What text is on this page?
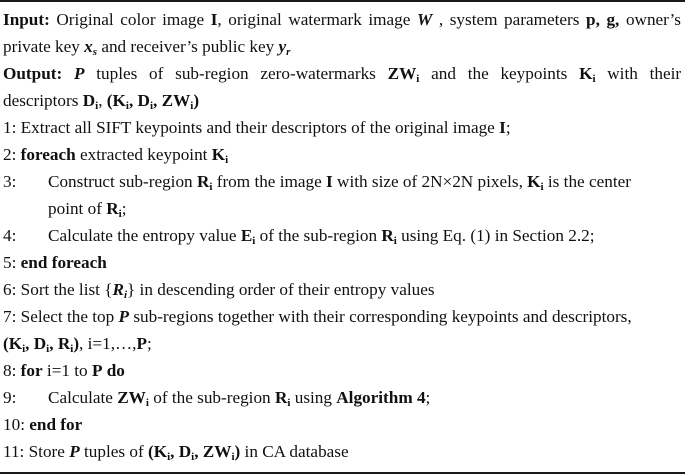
Input: Original color image I, original watermark image W , system parameters p, g, owner’s
private key $x_s$ and receiver’s public key $y_r$
Output: P tuples of sub-region zero-watermarks $ZW_i$ and the keypoints $K_i$ with their
descriptors $D_i$, ($K_i$, $D_i$, $ZW_i$)
1: Extract all SIFT keypoints and their descriptors of the original image I;
2: foreach extracted keypoint $K_i$
3: Construct sub-region $R_i$ from the image I with size of 2N×2N pixels, $K_i$ is the center
point of $R_i$;
4: Calculate the entropy value $E_i$ of the sub-region $R_i$ using Eq. (1) in Section 2.2;
5: end foreach
6: Sort the list $\{R_i\}$ in descending order of their entropy values
7: Select the top P sub-regions together with their corresponding keypoints and descriptors,
($K_i$, $D_i$, $R_i$), i=1,…,P;
8: for i=1 to P do
9: Calculate $ZW_i$ of the sub-region $R_i$ using Algorithm 4;
10: end for
11: Store P tuples of ($K_i$, $D_i$, $ZW_i$) in CA database
